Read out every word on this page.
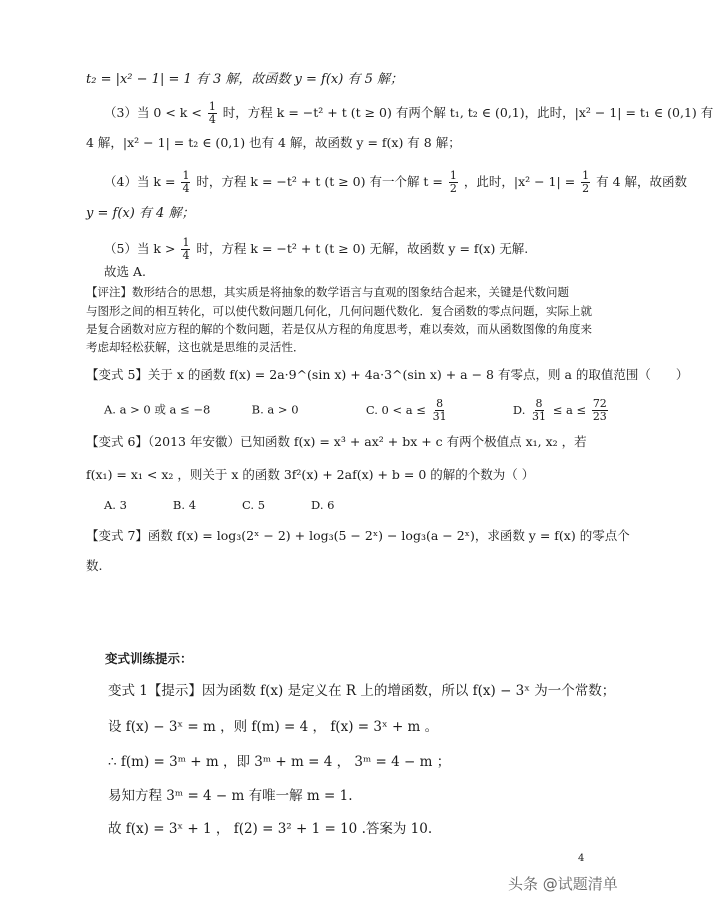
t₂ = |x² − 1| = 1 有 3 解，故函数 y = f(x) 有 5 解；
（3）当 $0 < k < \frac{1}{4}$ 时，方程 k = −t² + t (t ≥ 0) 有两个解 t₁, t₂ ∈ (0,1)，此时，|x² − 1| = t₁ ∈ (0,1) 有
4 解，|x² − 1| = t₂ ∈ (0,1) 也有 4 解，故函数 y = f(x) 有 8 解；
（4）当 $k = \frac{1}{4}$ 时，方程 k = −t² + t (t ≥ 0) 有一个解 $t = \frac{1}{2}$ ，此时，$|x^2 - 1| = \frac{1}{2}$ 有 4 解，故函数
y = f(x) 有 4 解；
（5）当 $k > \frac{1}{4}$ 时，方程 k = −t² + t (t ≥ 0) 无解，故函数 y = f(x) 无解.
故选 A.
【评注】数形结合的思想，其实质是将抽象的数学语言与直观的图象结合起来，关键是代数问题
与图形之间的相互转化，可以使代数问题几何化，几何问题代数化．复合函数的零点问题，实际上就
是复合函数对应方程的解的个数问题，若是仅从方程的角度思考，难以奏效，而从函数图像的角度来
考虑却轻松获解，这也就是思维的灵活性．
【变式 5】关于 x 的函数 f(x) = 2a·9^(sin x) + 4a·3^(sin x) + a − 8 有零点，则 a 的取值范围（　　）
A. a > 0 或 a ≤ −8	B. a > 0	C. $0 < a \le \frac{8}{31}$	D. $\frac{8}{31} \le a \le \frac{72}{23}$
【变式 6】（2013 年安徽）已知函数 f(x) = x³ + ax² + bx + c 有两个极值点 x₁, x₂ ，若
f(x₁) = x₁ < x₂ ，则关于 x 的函数 3f²(x) + 2af(x) + b = 0 的解的个数为（ ）
A. 3　　　　B. 4　　　　C. 5　　　　D. 6
【变式 7】函数 f(x) = log₃(2ˣ − 2) + log₃(5 − 2ˣ) − log₃(a − 2ˣ)，求函数 y = f(x) 的零点个
数.
变式训练提示：
变式 1【提示】因为函数 f(x) 是定义在 R 上的增函数，所以 f(x) − 3ˣ 为一个常数；
设 f(x) − 3ˣ = m ，则 f(m) = 4 ， f(x) = 3ˣ + m 。
∴ f(m) = 3ᵐ + m ，即 3ᵐ + m = 4 ， 3ᵐ = 4 − m ；
易知方程 3ᵐ = 4 − m 有唯一解 m = 1.
故 f(x) = 3ˣ + 1 ， f(2) = 3² + 1 = 10 .答案为 10.
4
头条 @试题清单
